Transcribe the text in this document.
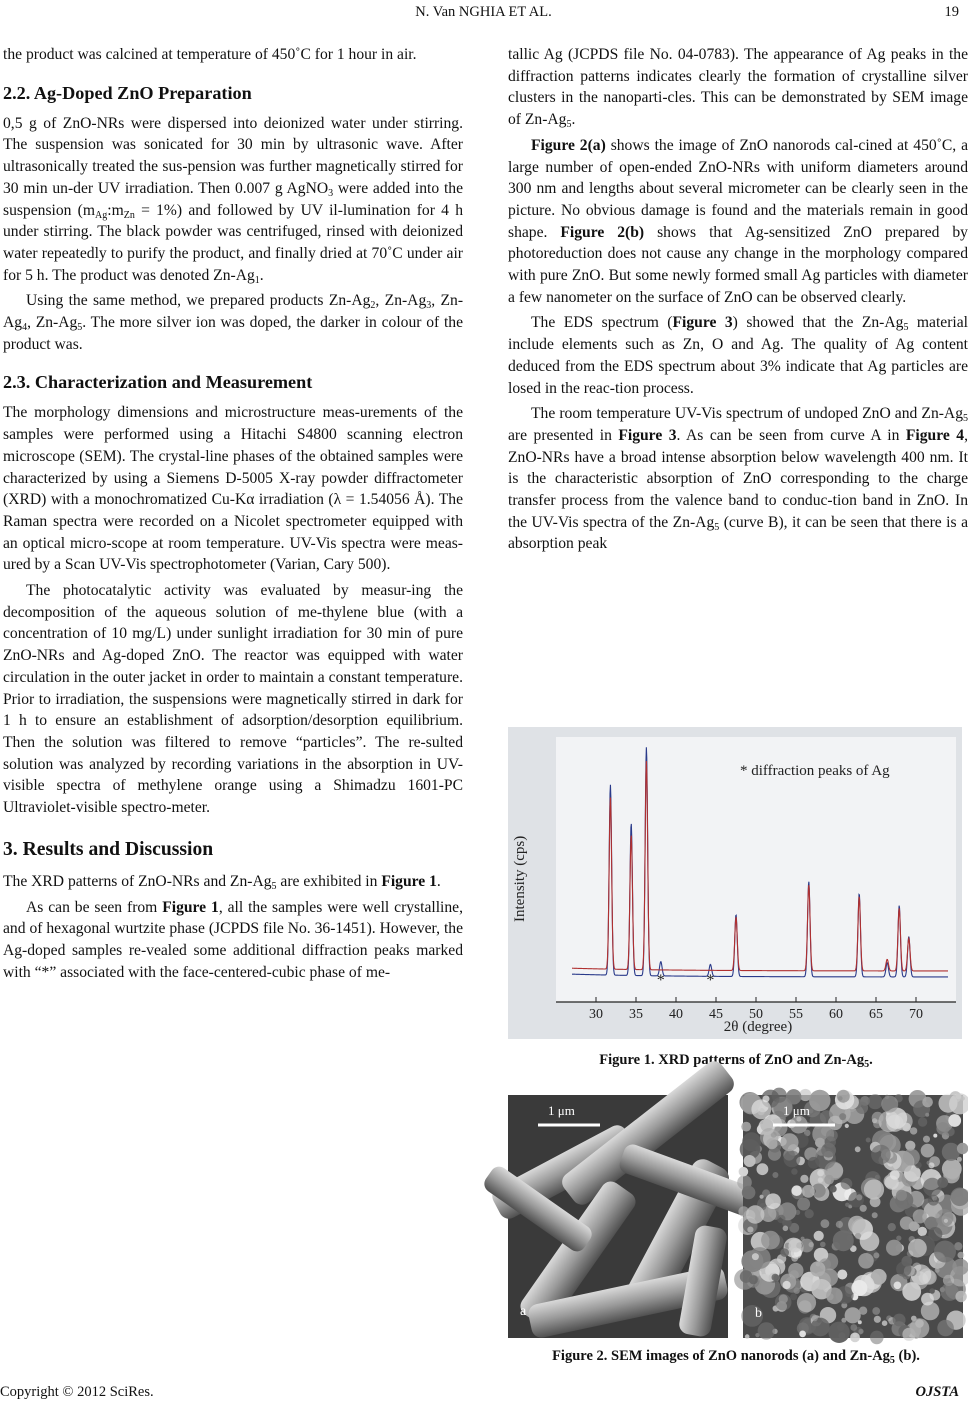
N. Van NGHIA ET AL.	19

the product was calcined at temperature of 450˚C for 1 hour in air.

2.2. Ag-Doped ZnO Preparation

0,5 g of ZnO-NRs were dispersed into deionized water under stirring. The suspension was sonicated for 30 min by ultrasonic wave. After ultrasonically treated the sus-pension was further magnetically stirred for 30 min un-der UV irradiation. Then 0.007 g AgNO$_3$ were added into the suspension $(m_{Ag}:m_{Zn} = 1\%)$ and followed by UV il-lumination for 4 h under stirring. The black powder was centrifuged, rinsed with deionized water repeatedly to purify the product, and finally dried at 70˚C under air for 5 h. The product was denoted $Zn-Ag_1$.

Using the same method, we prepared products $Zn-Ag_2$, $Zn-Ag_3$, $Zn-Ag_4$, $Zn-Ag_5$. The more silver ion was doped, the darker in colour of the product was.

2.3. Characterization and Measurement

The morphology dimensions and microstructure meas-urements of the samples were performed using a Hitachi S4800 scanning electron microscope (SEM). The crystal-line phases of the obtained samples were characterized by using a Siemens D-5005 X-ray powder diffractometer (XRD) with a monochromatized Cu-Kα irradiation (λ = 1.54056 Å). The Raman spectra were recorded on a Nicolet spectrometer equipped with an optical micro-scope at room temperature. UV-Vis spectra were meas-ured by a Scan UV-Vis spectrophotometer (Varian, Cary 500).

The photocatalytic activity was evaluated by measur-ing the decomposition of the aqueous solution of me-thylene blue (with a concentration of 10 mg/L) under sunlight irradiation for 30 min of pure ZnO-NRs and Ag-doped ZnO. The reactor was equipped with water circulation in the outer jacket in order to maintain a constant temperature. Prior to irradiation, the suspensions were magnetically stirred in dark for 1 h to ensure an establishment of adsorption/desorption equilibrium. Then the solution was filtered to remove “particles”. The re-sulted solution was analyzed by recording variations in the absorption in UV-visible spectra of methylene orange using a Shimadzu 1601-PC Ultraviolet-visible spectro-meter.

3. Results and Discussion

The XRD patterns of ZnO-NRs and $Zn-Ag_5$ are exhibited in Figure 1.

As can be seen from Figure 1, all the samples were well crystalline, and of hexagonal wurtzite phase (JCPDS file No. 36-1451). However, the Ag-doped samples re-vealed some additional diffraction peaks marked with “*” associated with the face-centered-cubic phase of me-

tallic Ag (JCPDS file No. 04-0783). The appearance of Ag peaks in the diffraction patterns indicates clearly the formation of crystalline silver clusters in the nanoparti-cles. This can be demonstrated by SEM image of $Zn-Ag_5$.

Figure 2(a) shows the image of ZnO nanorods cal-cined at 450˚C, a large number of open-ended ZnO-NRs with uniform diameters around 300 nm and lengths about several micrometer can be clearly seen in the picture. No obvious damage is found and the materials remain in good shape. Figure 2(b) shows that Ag-sensitized ZnO prepared by photoreduction does not cause any change in the morphology compared with pure ZnO. But some newly formed small Ag particles with diameter a few nanometer on the surface of ZnO can be observed clearly.

The EDS spectrum (Figure 3) showed that the $Zn-Ag_5$ material include elements such as Zn, O and Ag. The quality of Ag content deduced from the EDS spectrum about 3% indicate that Ag particles are losed in the reac-tion process.

The room temperature UV-Vis spectrum of undoped ZnO and $Zn-Ag_5$ are presented in Figure 3. As can be seen from curve A in Figure 4, ZnO-NRs have a broad intense absorption below wavelength 400 nm. It is the characteristic absorption of ZnO corresponding to the charge transfer process from the valence band to conduc-tion band in ZnO. In the UV-Vis spectra of the $Zn-Ag_5$ (curve B), it can be seen that there is a absorption peak

30 35 40 45 50 55 60 65 70
*	*
* diffraction peaks of Ag
Intensity (cps)
2θ (degree)
Figure 1. XRD patterns of ZnO and $Zn-Ag_5$.
1 μm
a
1 μm
b
Figure 2. SEM images of ZnO nanorods (a) and $Zn-Ag_5$ (b).
Copyright © 2012 SciRes.	OJSTA
